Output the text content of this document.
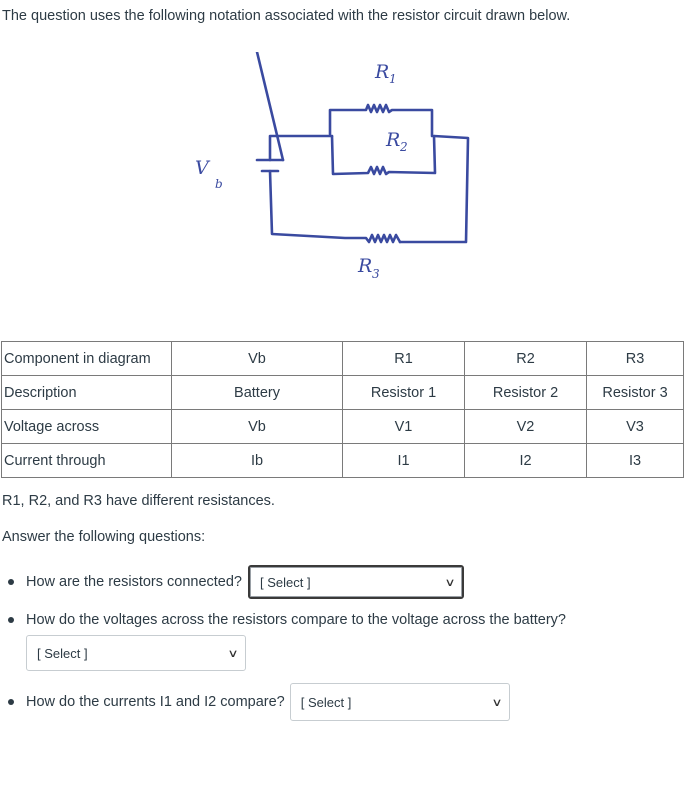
The question uses the following notation associated with the resistor circuit drawn below.

R 1
R 2
V
b
R 3
Component in diagram	Vb	R1	R2	R3
Description	Battery	Resistor 1	Resistor 2	Resistor 3
Voltage across	Vb	V1	V2	V3
Current through	Ib	I1	I2	I3

R1, R2, and R3 have different resistances.

Answer the following questions:

How are the resistors connected? [ Select ]	∨
How do the voltages across the resistors compare to the voltage across the battery?
[ Select ]	∨
How do the currents I1 and I2 compare? [ Select ]	∨
